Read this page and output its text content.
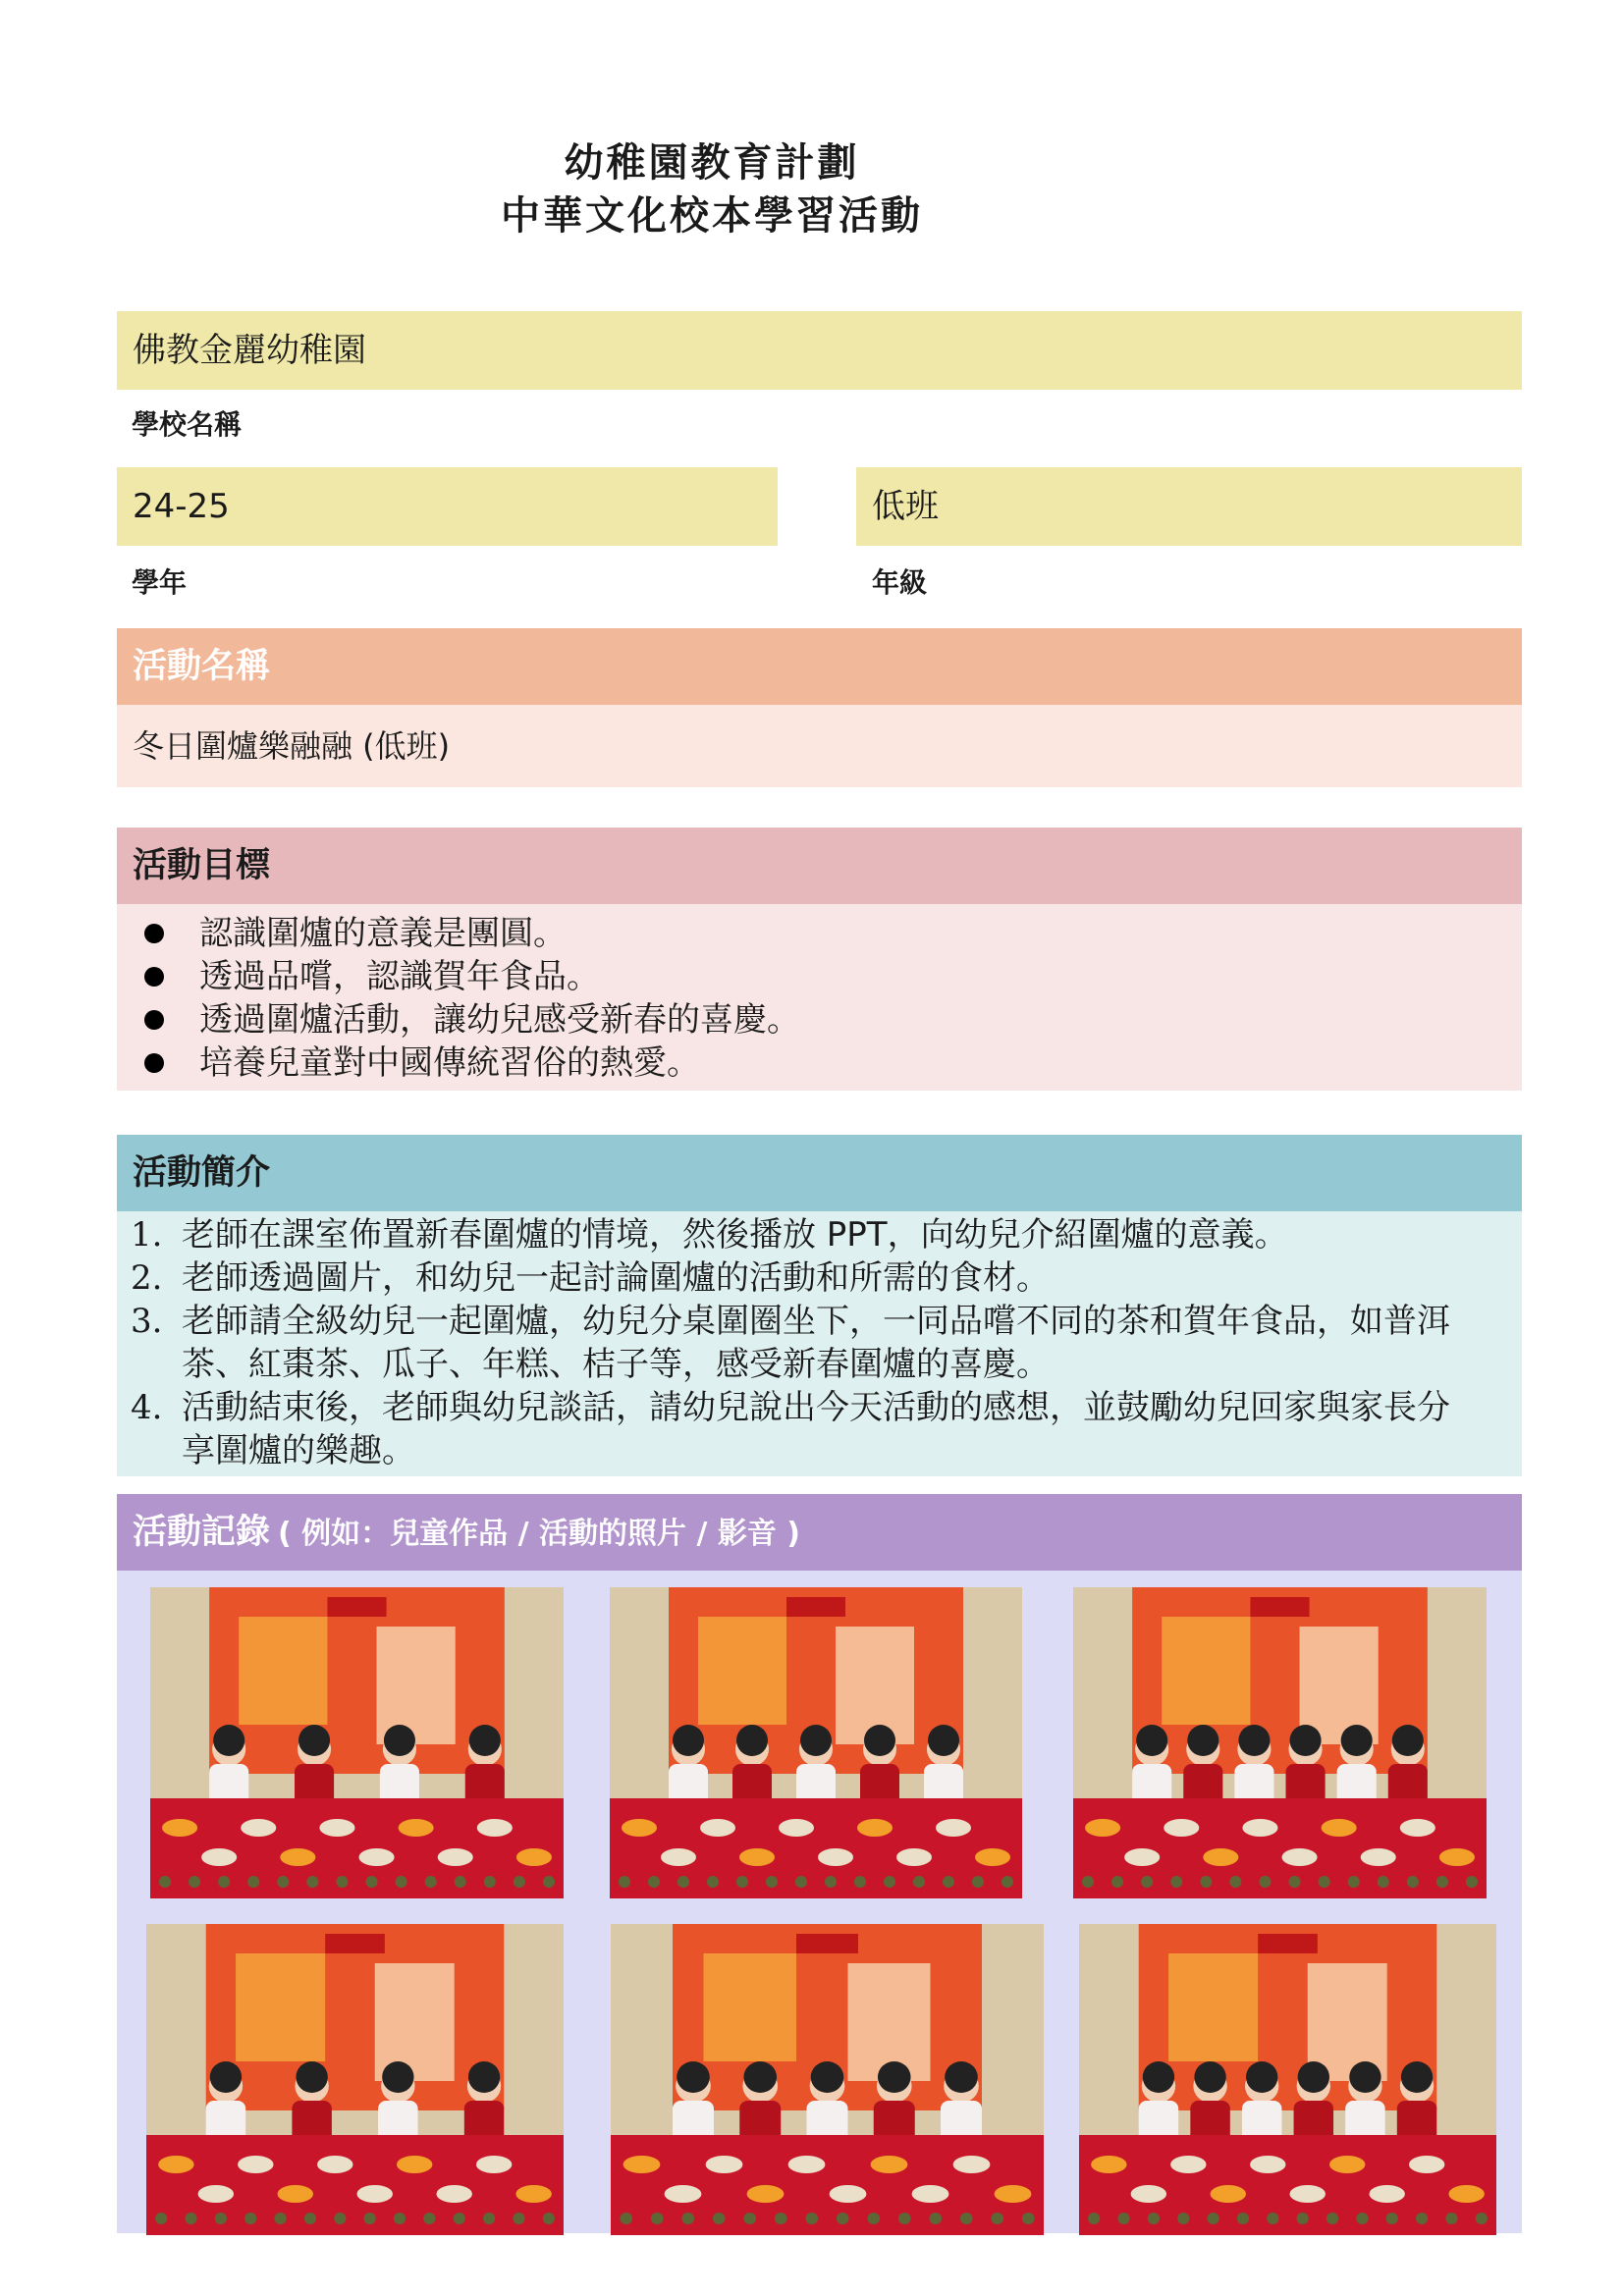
幼稚園教育計劃
中華文化校本學習活動
佛教金麗幼稚園
學校名稱
24-25
學年
低班
年級
活動名稱
冬日圍爐樂融融 (低班)
活動目標
認識圍爐的意義是團圓。
透過品嚐，認識賀年食品。
透過圍爐活動，讓幼兒感受新春的喜慶。
培養兒童對中國傳統習俗的熱愛。
活動簡介
1. 老師在課室佈置新春圍爐的情境，然後播放 PPT，向幼兒介紹圍爐的意義。
2. 老師透過圖片，和幼兒一起討論圍爐的活動和所需的食材。
3. 老師請全級幼兒一起圍爐，幼兒分桌圍圈坐下，一同品嚐不同的茶和賀年食品，如普洱茶、紅棗茶、瓜子、年糕、桔子等，感受新春圍爐的喜慶。
4. 活動結束後，老師與幼兒談話，請幼兒說出今天活動的感想，並鼓勵幼兒回家與家長分享圍爐的樂趣。
活動記錄 ( 例如：兒童作品 / 活動的照片 / 影音 )
